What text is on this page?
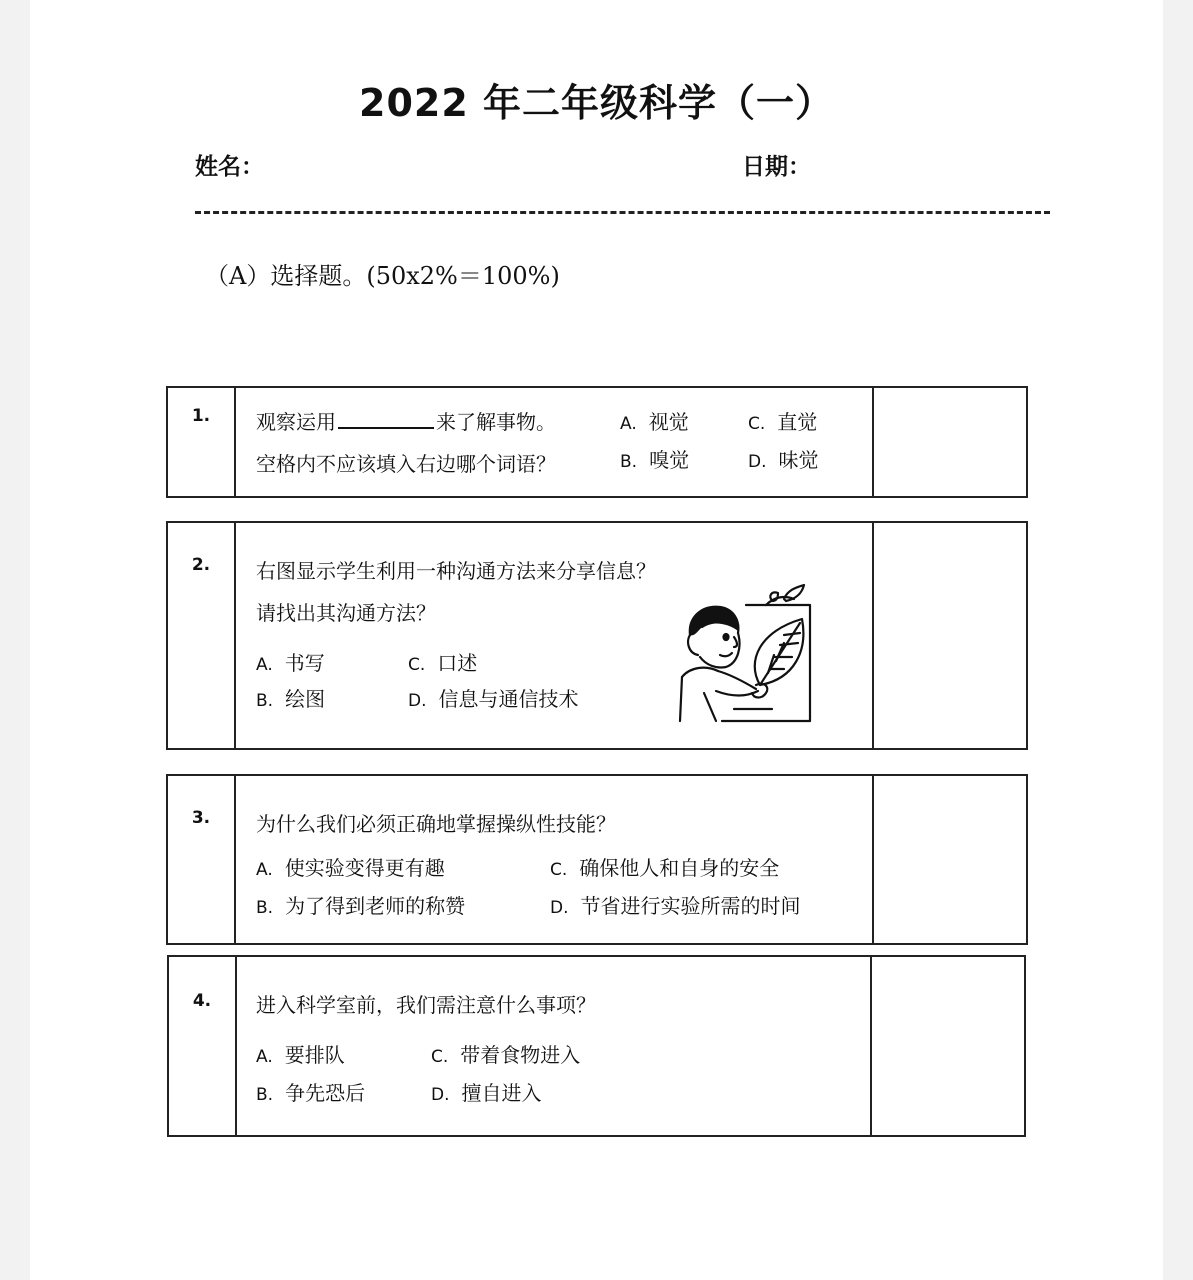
2022 年二年级科学（一）
姓名：	日期：
（A）选择题。(50x2%＝100%)
1.	观察运用	来了解事物。
空格内不应该填入右边哪个词语？
A. 视觉
B. 嗅觉
C. 直觉
D. 味觉
2.	右图显示学生利用一种沟通方法来分享信息？
请找出其沟通方法？
A. 书写
B. 绘图
C. 口述
D. 信息与通信技术
3.	为什么我们必须正确地掌握操纵性技能？
A. 使实验变得更有趣
B. 为了得到老师的称赞
C. 确保他人和自身的安全
D. 节省进行实验所需的时间
4.	进入科学室前，我们需注意什么事项？
A. 要排队
B. 争先恐后
C. 带着食物进入
D. 擅自进入
